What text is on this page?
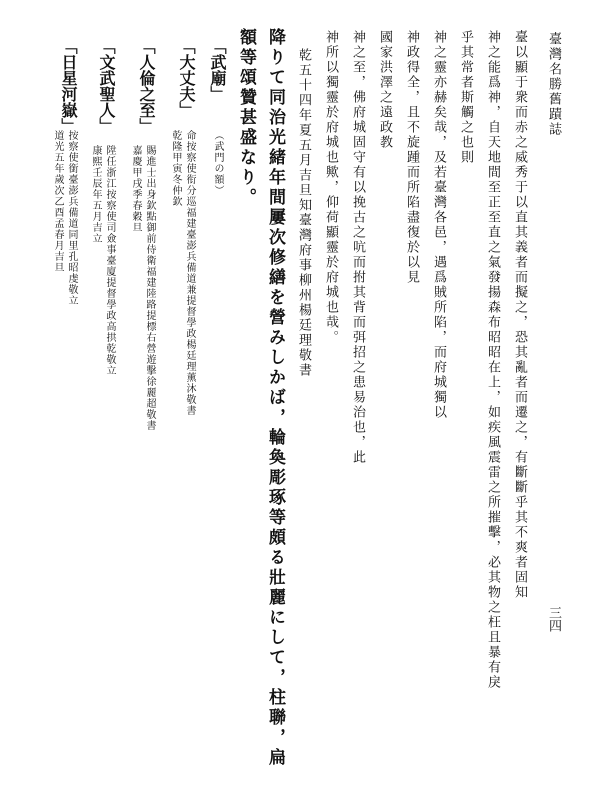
臺灣名勝舊蹟誌
三四
臺以顯于衆而赤之威秀于以直其義者而擬之，恐其亂者而遷之，有斷斷乎其不爽者固知
神之能爲神，自天地間至正至直之氣發揚森布昭昭在上，如疾風震雷之所摧擊，必其物之枉且暴有戾
乎其常者斯觸之也則
神之靈亦赫矣哉，及若臺灣各邑，遇爲賊所陷，而府城獨以
神政得全，且不旋踵而所陷盡復於以見
國家洪澤之遠政教
神之至，佛府城固守有以挽古之吭而拊其背而弭招之患易治也，此
神所以獨靈於府城也歟，仰荷顯靈於府城也哉。
乾五十四年夏五月吉旦知臺灣府事柳州楊廷理敬書
降りて同治光緒年間屢次修繕を營みしかば，輪奐彫琢等頗る壯麗にして，柱聯，扁
額等頌贊甚盛なり。
「武廟」
（武門の額）
「大丈夫」
乾隆甲寅冬仲欽 命按察使衔分巡福建臺澎兵備道兼提督學政楊廷理薰沐敬書
「人倫之至」
嘉慶甲戌季春穀旦 賜進士出身欽點御前侍衛福建陸路提標右營遊擊徐麗超敬書
「文武聖人」
康熙壬辰年五月吉立 陞任浙江按察使司僉事臺廈提督學政高拱乾敬立
「日星河嶽」
道光五年歲次乙酉孟春月吉旦 按察使銜臺澎兵備道同里孔昭虔敬立
